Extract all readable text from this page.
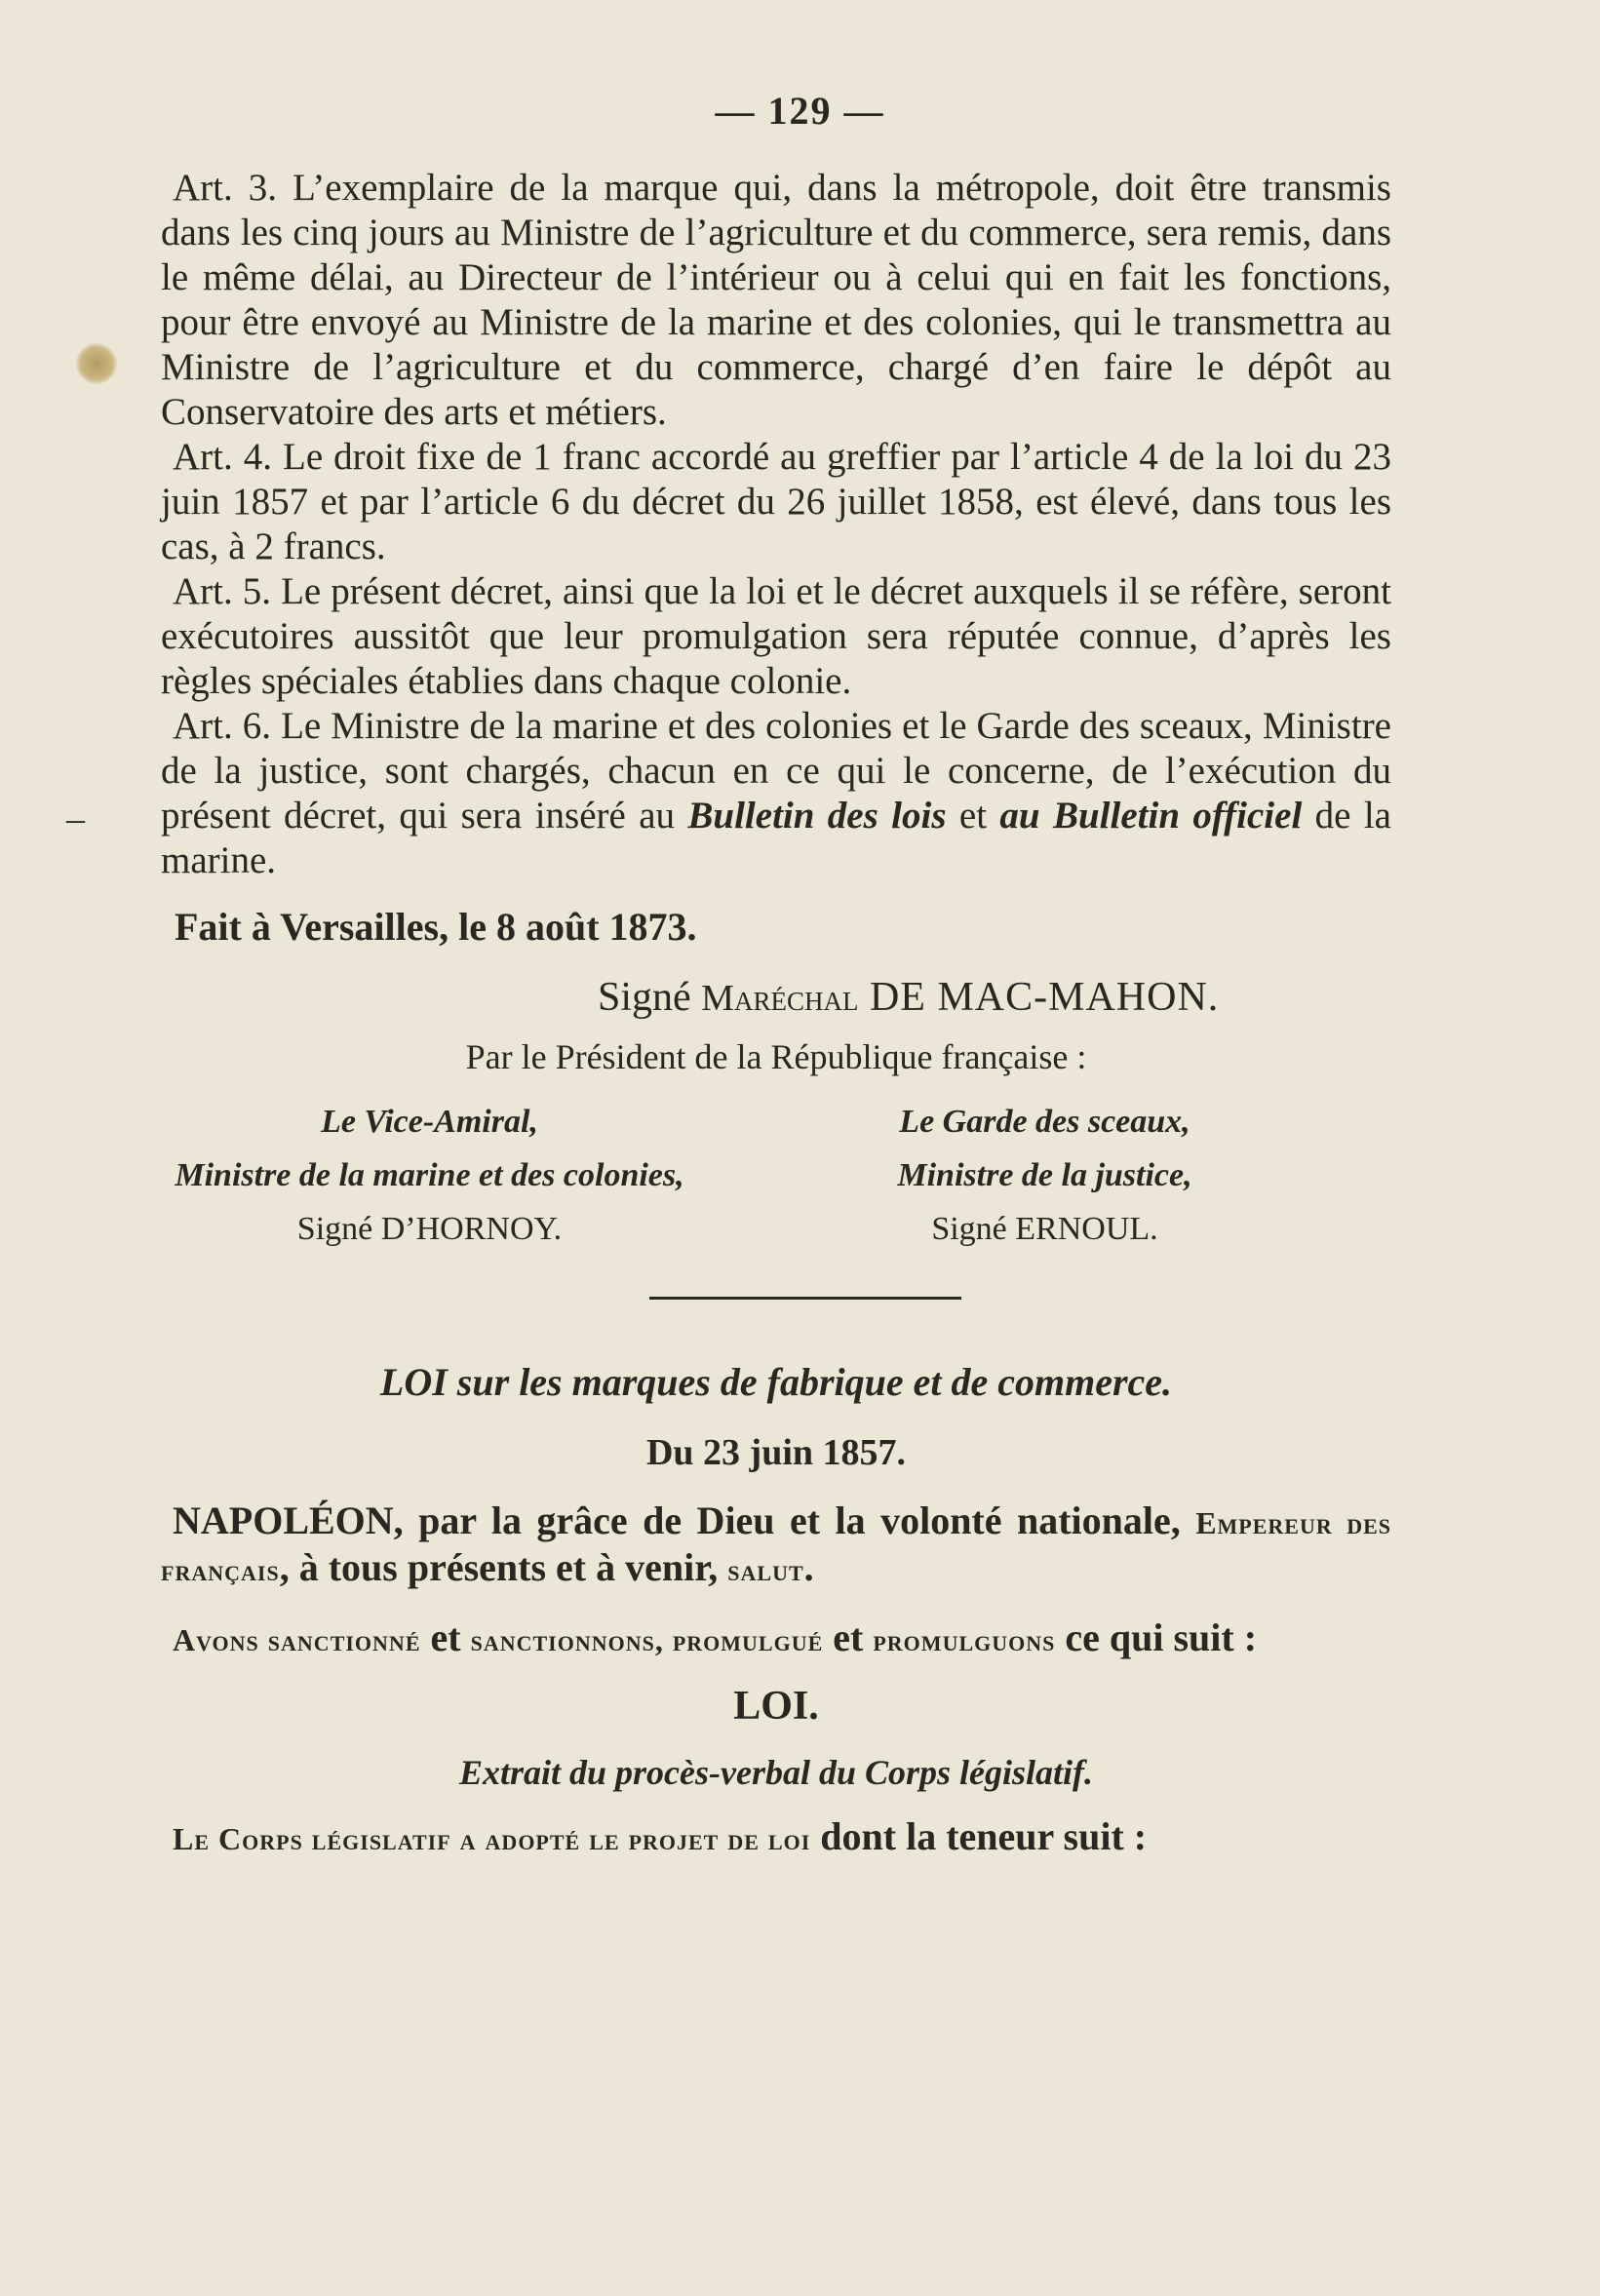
–
— 129 —

Art. 3. L’exemplaire de la marque qui, dans la métropole, doit être transmis dans les cinq jours au Ministre de l’agriculture et du commerce, sera remis, dans le même délai, au Directeur de l’intérieur ou à celui qui en fait les fonctions, pour être envoyé au Ministre de la marine et des colonies, qui le transmettra au Ministre de l’agriculture et du commerce, chargé d’en faire le dépôt au Conservatoire des arts et métiers.

Art. 4. Le droit fixe de 1 franc accordé au greffier par l’article 4 de la loi du 23 juin 1857 et par l’article 6 du décret du 26 juillet 1858, est élevé, dans tous les cas, à 2 francs.

Art. 5. Le présent décret, ainsi que la loi et le décret auxquels il se réfère, seront exécutoires aussitôt que leur promulgation sera réputée connue, d’après les règles spéciales établies dans chaque colonie.

Art. 6. Le Ministre de la marine et des colonies et le Garde des sceaux, Ministre de la justice, sont chargés, chacun en ce qui le concerne, de l’exécution du présent décret, qui sera inséré au Bulletin des lois et au Bulletin officiel de la marine.

Fait à Versailles, le 8 août 1873.

Signé Maréchal DE MAC-MAHON.

Par le Président de la République française :

Le Vice-Amiral,
Ministre de la marine et des colonies,
Signé D’HORNOY.
Le Garde des sceaux,
Ministre de la justice,
Signé ERNOUL.

LOI sur les marques de fabrique et de commerce.

Du 23 juin 1857.

NAPOLÉON, par la grâce de Dieu et la volonté nationale, Empereur des français, à tous présents et à venir, salut.

Avons sanctionné et sanctionnons, promulgué et promulguons ce qui suit :

LOI.

Extrait du procès-verbal du Corps législatif.

Le Corps législatif a adopté le projet de loi dont la teneur suit :
